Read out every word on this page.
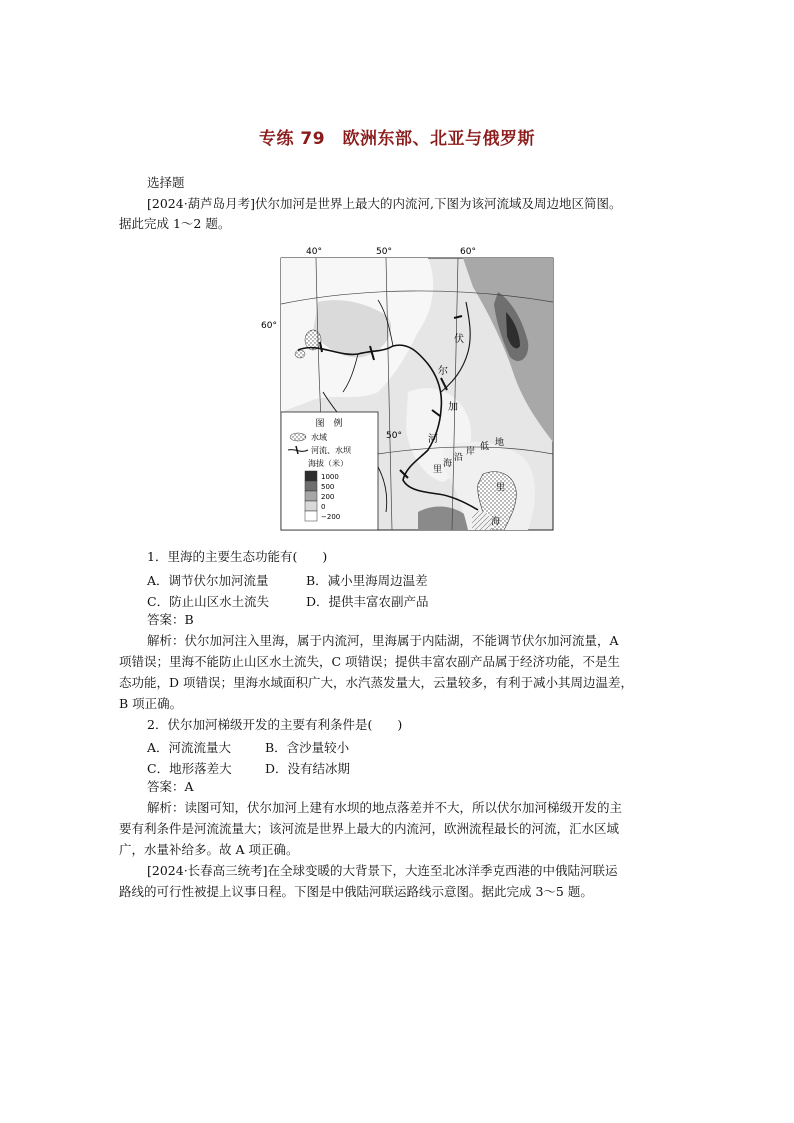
专练 79　欧洲东部、北亚与俄罗斯
选择题
[2024·葫芦岛月考]伏尔加河是世界上最大的内流河,下图为该河流域及周边地区简图。
据此完成 1～2 题。
40°	50°	60°
60°
50°
伏
尔
加
河
里
海
沿
岸 低 地
里
海
图　例
水域
河流、水坝
海拔（米）
1000
500
200
0
−200
1．里海的主要生态功能有(　　)
A．调节伏尔加河流量	B．减小里海周边温差
C．防止山区水土流失	D．提供丰富农副产品
答案：B
解析：伏尔加河注入里海，属于内流河，里海属于内陆湖，不能调节伏尔加河流量，A
项错误；里海不能防止山区水土流失，C 项错误；提供丰富农副产品属于经济功能，不是生
态功能，D 项错误；里海水域面积广大，水汽蒸发量大，云量较多，有利于减小其周边温差，
B 项正确。
2．伏尔加河梯级开发的主要有利条件是(　　)
A．河流流量大	B．含沙量较小
C．地形落差大	D．没有结冰期
答案：A
解析：读图可知，伏尔加河上建有水坝的地点落差并不大，所以伏尔加河梯级开发的主
要有利条件是河流流量大；该河流是世界上最大的内流河，欧洲流程最长的河流，汇水区域
广，水量补给多。故 A 项正确。
[2024·长春高三统考]在全球变暖的大背景下，大连至北冰洋季克西港的中俄陆河联运
路线的可行性被提上议事日程。下图是中俄陆河联运路线示意图。据此完成 3～5 题。
